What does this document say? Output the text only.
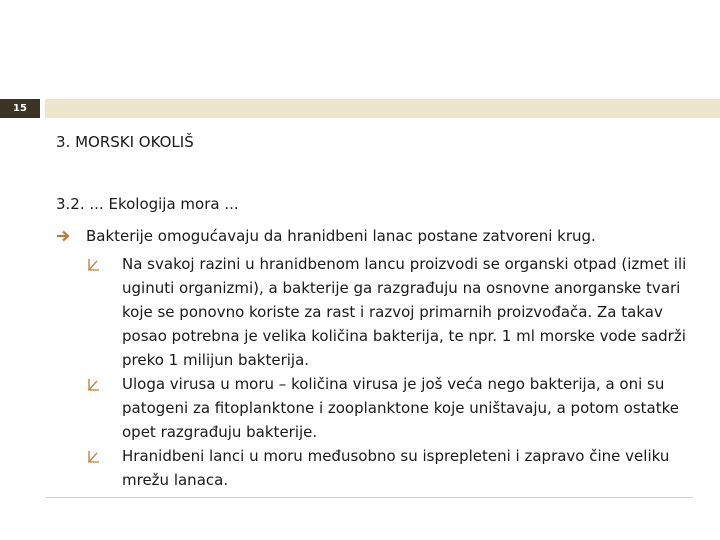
15
3. MORSKI OKOLIŠ
3.2. ... Ekologija mora ...
Bakterije omogućavaju da hranidbeni lanac postane zatvoreni krug.
Na svakoj razini u hranidbenom lancu proizvodi se organski otpad (izmet ili uginuti organizmi), a bakterije ga razgrađuju na osnovne anorganske tvari koje se ponovno koriste za rast i razvoj primarnih proizvođača. Za takav posao potrebna je velika količina bakterija, te npr. 1 ml morske vode sadrži preko 1 milijun bakterija.
Uloga virusa u moru – količina virusa je još veća nego bakterija, a oni su patogeni za fitoplanktone i zooplanktone koje uništavaju, a potom ostatke opet razgrađuju bakterije.
Hranidbeni lanci u moru međusobno su isprepleteni i zapravo čine veliku mrežu lanaca.
